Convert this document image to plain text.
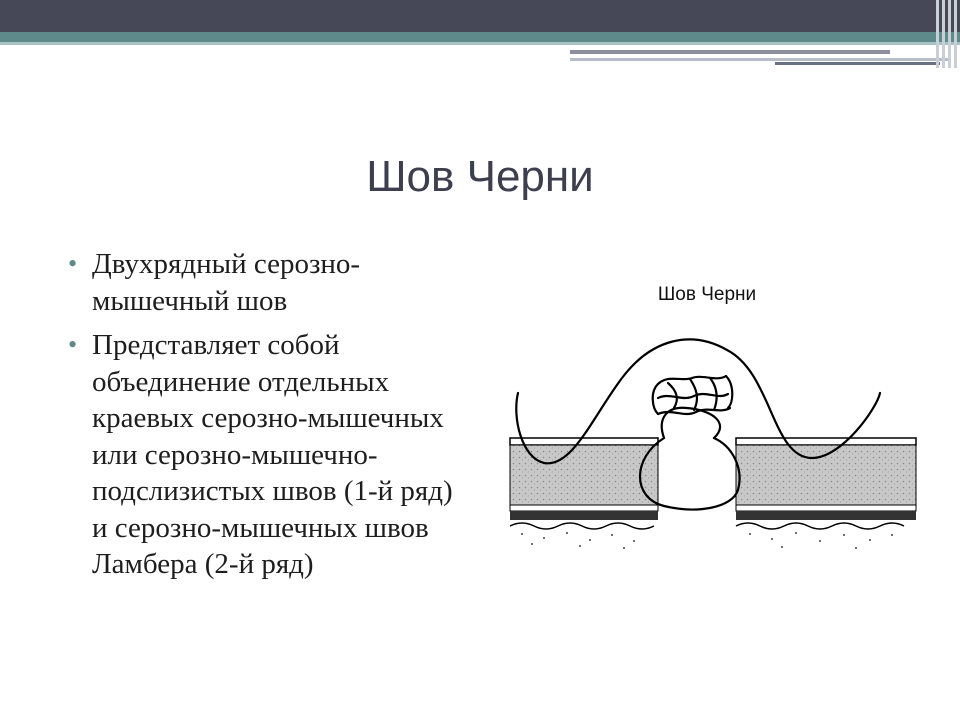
Шов Черни
• Двухрядный серозно-мышечный шов
• Представляет собой объединение отдельных краевых серозно-мышечных или серозно-мышечно-подслизистых швов (1-й ряд) и серозно-мышечных швов Ламбера (2-й ряд)
Шов Черни
